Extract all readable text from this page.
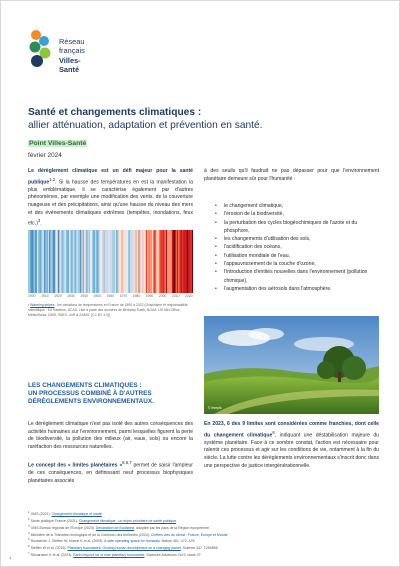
Réseau
français
Villes-Santé
Santé et changements climatiques :
allier atténuation, adaptation et prévention en santé.
Point Villes-Santé
février 2024
Le dérèglement climatique est un défi majeur pour la santé publique$^{1,2}$. Si la hausse des températures en est la manifestation la plus emblématique, il se caractérise également par d'autres phénomènes, par exemple une modification des vents, de la couverture nuageuse et des précipitations, ainsi qu'une hausse du niveau des mers et des événements climatiques extrêmes (tempêtes, inondations, feux etc.)$^3$.
1900 1910 1920 1930 1940 1950 1960 1970 1980 1990 2000 2010 2020
• Warming stripes : les variations de températures en France de 1890 à 2022 (Graphisme et responsabilité scientifique : Ed Hawkins, NCAS. Lieb à partir des données de Berkeley Earth, NOAA, UK Met Office, MeteoSwiss, DWD, SMHI, UoR & ZAMG. [CC BY 4.0])
LES CHANGEMENTS CLIMATIQUES :
UN PROCESSUS COMBINÉ À D'AUTRES DÉRÈGLEMENTS ENVIRONNEMENTAUX.
Le dérèglement climatique n'est pas isolé des autres conséquences des activités humaines sur l'environnement, parmi lesquelles figurent la perte de biodiversité, la pollution des milieux (air, eaux, sols) ou encore la raréfaction des ressources naturelles.
Le concept des « limites planétaires »$^{5,6,7}$ permet de saisir l'ampleur de ces conséquences, en définissant neuf processus biophysiques planétaires associés
à des seuils qu'il faudrait ne pas dépasser pour que l'environnement planétaire demeure sûr pour l'humanité :
• le changement climatique,
• l'érosion de la biodiversité,
• la perturbation des cycles biogéochimiques de l'azote et du phosphore,
• les changements d'utilisation des sols,
• l'acidification des océans,
• l'utilisation mondiale de l'eau,
• l'appauvrissement de la couche d'ozone,
• l'introduction d'entités nouvelles dans l'environnement (pollution chimique),
• l'augmentation des aérosols dans l'atmosphère.
© freepik
En 2023, 6 des 9 limites sont considérées comme franchies, dont celle du changement climatique$^6$, indiquant une déstabilisation majeure du système planétaire. Face à ce sombre constat, l'action est nécessaire pour ralentir ces processus et agir sur les conditions de vie, notamment à la fin du siècle. La lutte contre les dérèglements environnementaux s'inscrit donc dans une perspective de justice intergénérationnelle.
$^1$ OMS (2021). Changement climatique et santé.
$^2$ Santé publique France (2021). Changement climatique : un enjeu prioritaire de santé publique.
$^3$ OMS Bureau régional de l'Europe (2023). Déclaration de Budapest, adoptée par les pays de la Région européenne.
$^4$ Ministère de la Transition écologique et de la Cohésion des territoires (2023). Chiffres clés du climat : France, Europe et Monde.
$^5$ Rockström J, Steffen W, Noone K et al. (2009). A safe operating space for humanity. Nature 461, 472–475.
$^6$ Steffen W et al. (2015). Planetary boundaries: Guiding human development on a changing planet. Science 347, 1259855.
$^7$ Richardson K et al. (2023). Earth beyond six of nine planetary boundaries. Sciences Advances Vol 9, Issue 37.
1
